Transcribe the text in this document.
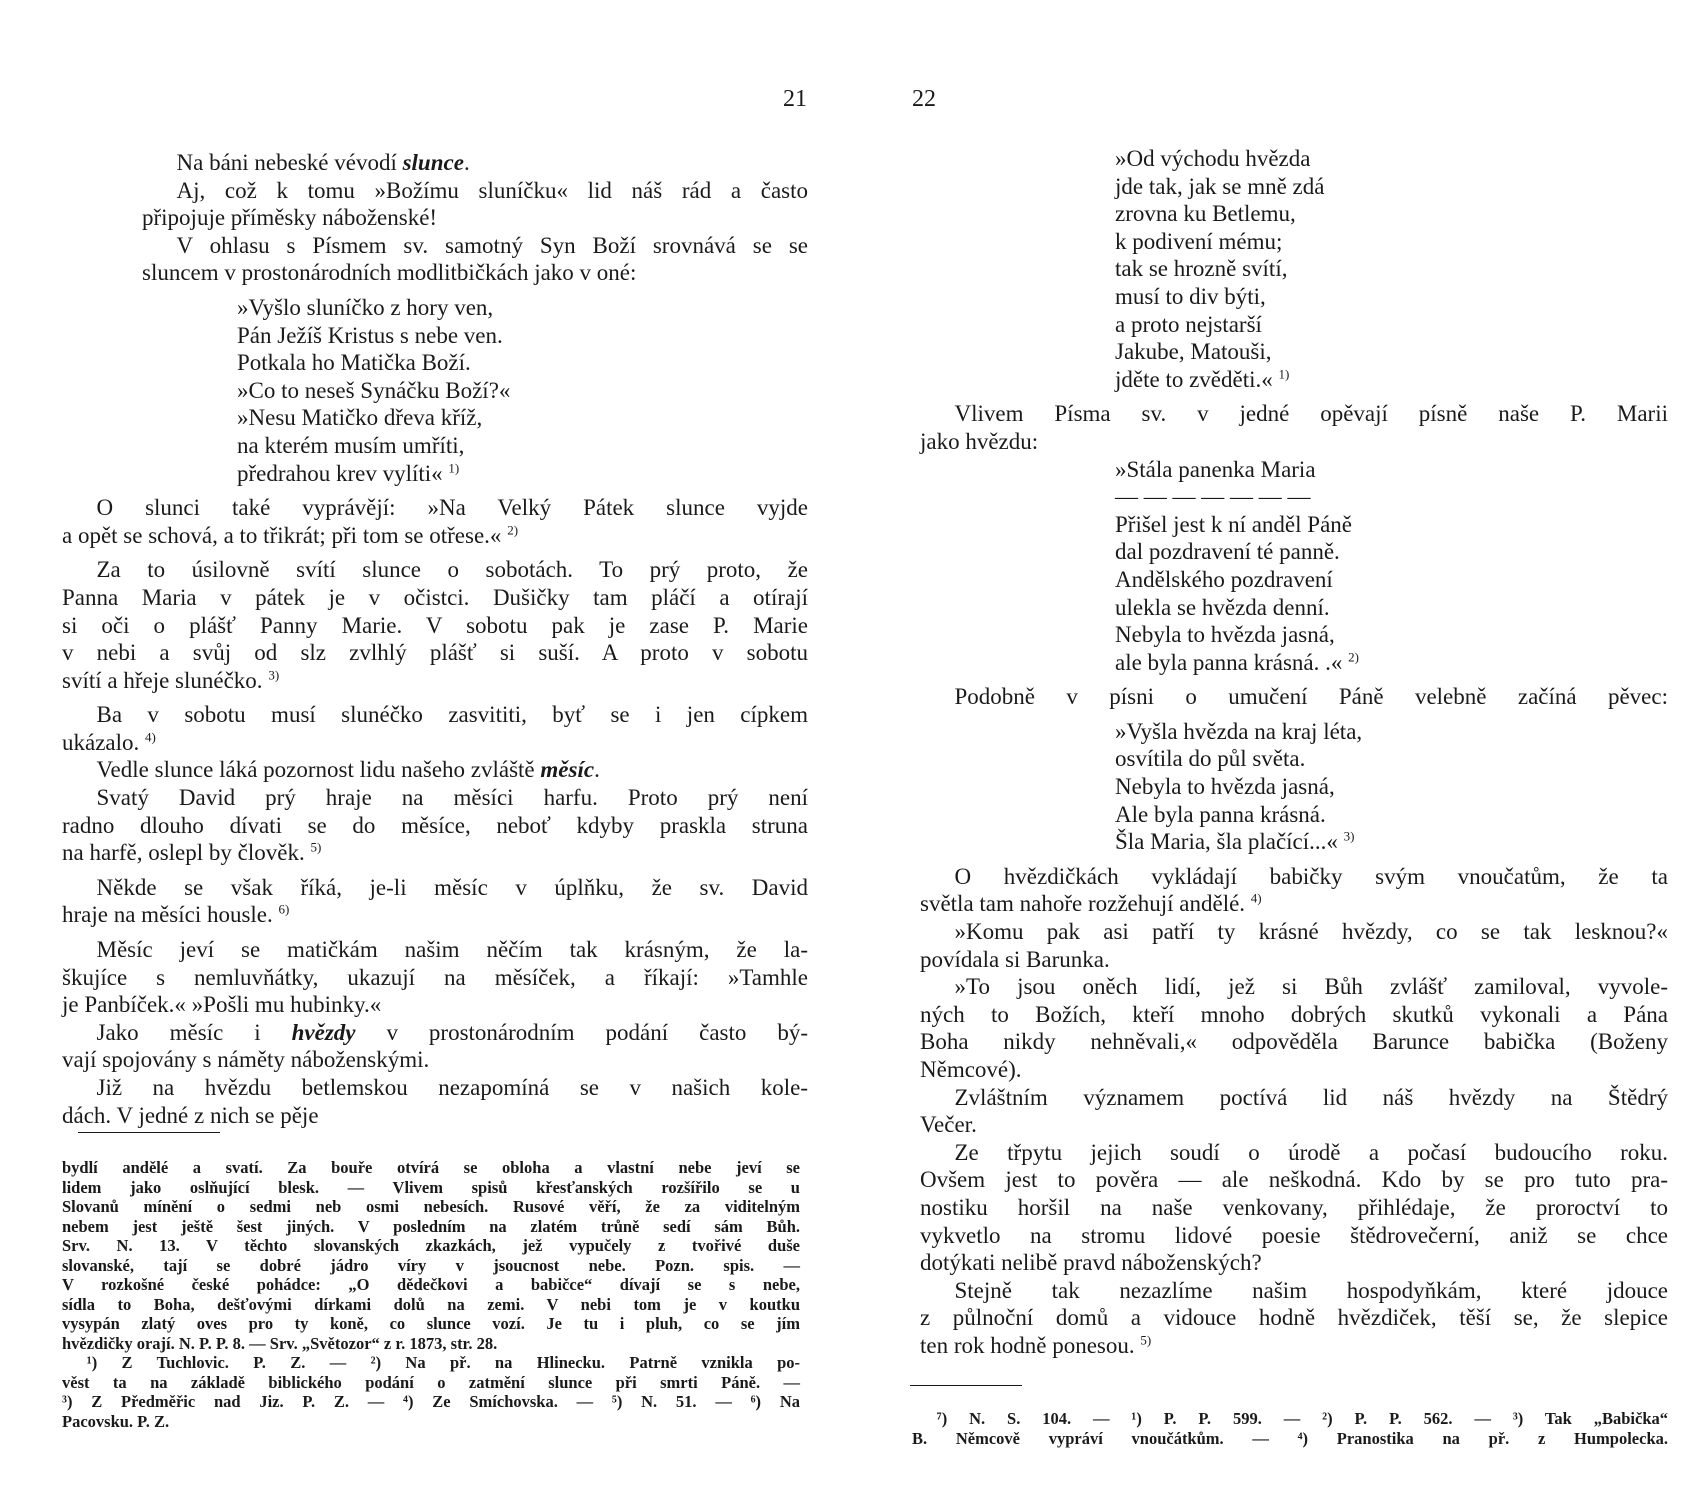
21
  Na báni nebeské vévodí slunce.
  Aj, což k tomu »Božímu sluníčku« lid náš rád a často
připojuje příměsky náboženské!
  V ohlasu s Písmem sv. samotný Syn Boží srovnává se se
sluncem v prostonárodních modlitbičkách jako v oné:
»Vyšlo sluníčko z hory ven,
Pán Ježíš Kristus s nebe ven.
Potkala ho Matička Boží.
»Co to neseš Synáčku Boží?«
»Nesu Matičko dřeva kříž,
na kterém musím umříti,
předrahou krev vylíti« $^{1)}$
  O slunci také vyprávějí: »Na Velký Pátek slunce vyjde
a opět se schová, a to třikrát; při tom se otřese.« $^{2)}$
  Za to úsilovně svítí slunce o sobotách. To prý proto, že
Panna Maria v pátek je v očistci. Dušičky tam pláčí a otírají
si oči o plášť Panny Marie. V sobotu pak je zase P. Marie
v nebi a svůj od slz zvlhlý plášť si suší. A proto v sobotu
svítí a hřeje slunéčko. $^{3)}$
  Ba v sobotu musí slunéčko zasvititi, byť se i jen cípkem
ukázalo. $^{4)}$
  Vedle slunce láká pozornost lidu našeho zvláště měsíc.
  Svatý David prý hraje na měsíci harfu. Proto prý není
radno dlouho dívati se do měsíce, neboť kdyby praskla struna
na harfě, oslepl by člověk. $^{5)}$
  Někde se však říká, je-li měsíc v úplňku, že sv. David
hraje na měsíci housle. $^{6)}$
  Měsíc jeví se matičkám našim něčím tak krásným, že la-
škujíce s nemluvňátky, ukazují na měsíček, a říkají: »Tamhle
je Panbíček.« »Pošli mu hubinky.«
  Jako měsíc i hvězdy v prostonárodním podání často bý-
vají spojovány s náměty náboženskými.
  Již na hvězdu betlemskou nezapomíná se v našich kole-
dách. V jedné z nich se pěje
bydlí andělé a svatí. Za bouře otvírá se obloha a vlastní nebe jeví se
lidem jako oslňující blesk. — Vlivem spisů křesťanských rozšířilo se u
Slovanů mínění o sedmi neb osmi nebesích. Rusové věří, že za viditelným
nebem jest ještě šest jiných. V posledním na zlatém trůně sedí sám Bůh.
Srv. N. 13. V těchto slovanských zkazkách, jež vypučely z tvořivé duše
slovanské, tají se dobré jádro víry v jsoucnost nebe. Pozn. spis. —
V rozkošné české pohádce: „O dědečkovi a babičce“ dívají se s nebe,
sídla to Boha, dešťovými dírkami dolů na zemi. V nebi tom je v koutku
vysypán zlatý oves pro ty koně, co slunce vozí. Je tu i pluh, co se jím
hvězdičky orají. N. P. P. 8. — Srv. „Světozor“ z r. 1873, str. 28.
  ¹) Z Tuchlovic. P. Z. — ²) Na př. na Hlinecku. Patrně vznikla po-
věst ta na základě biblického podání o zatmění slunce při smrti Páně. —
³) Z Předměřic nad Jiz. P. Z. — ⁴) Ze Smíchovska. — ⁵) N. 51. — ⁶) Na
Pacovsku. P. Z.
22
»Od východu hvězda
jde tak, jak se mně zdá
zrovna ku Betlemu,
k podivení mému;
tak se hrozně svítí,
musí to div býti,
a proto nejstarší
Jakube, Matouši,
jděte to zvěděti.« $^{1)}$
  Vlivem Písma sv. v jedné opěvají písně naše P. Marii
jako hvězdu:
»Stála panenka Maria
— — — — — — —
Přišel jest k ní anděl Páně
dal pozdravení té panně.
Andělského pozdravení
ulekla se hvězda denní.
Nebyla to hvězda jasná,
ale byla panna krásná. .« $^{2)}$
  Podobně v písni o umučení Páně velebně začíná pěvec:
»Vyšla hvězda na kraj léta,
osvítila do půl světa.
Nebyla to hvězda jasná,
Ale byla panna krásná.
Šla Maria, šla plačící...« $^{3)}$
  O hvězdičkách vykládají babičky svým vnoučatům, že ta
světla tam nahoře rozžehují andělé. $^{4)}$
  »Komu pak asi patří ty krásné hvězdy, co se tak lesknou?«
povídala si Barunka.
  »To jsou oněch lidí, jež si Bůh zvlášť zamiloval, vyvole-
ných to Božích, kteří mnoho dobrých skutků vykonali a Pána
Boha nikdy nehněvali,« odpověděla Barunce babička (Boženy
Němcové).
  Zvláštním významem poctívá lid náš hvězdy na Štědrý
Večer.
  Ze třpytu jejich soudí o úrodě a počasí budoucího roku.
Ovšem jest to pověra — ale neškodná. Kdo by se pro tuto pra-
nostiku horšil na naše venkovany, přihlédaje, že proroctví to
vykvetlo na stromu lidové poesie štědrovečerní, aniž se chce
dotýkati nelibě pravd náboženských?
  Stejně tak nezazlíme našim hospodyňkám, které jdouce
z půlnoční domů a vidouce hodně hvězdiček, těší se, že slepice
ten rok hodně ponesou. $^{5)}$
  ⁷) N. S. 104. — ¹) P. P. 599. — ²) P. P. 562. — ³) Tak „Babička“
B. Němcově vypráví vnoučátkům. — ⁴) Pranostika na př. z Humpolecka.
